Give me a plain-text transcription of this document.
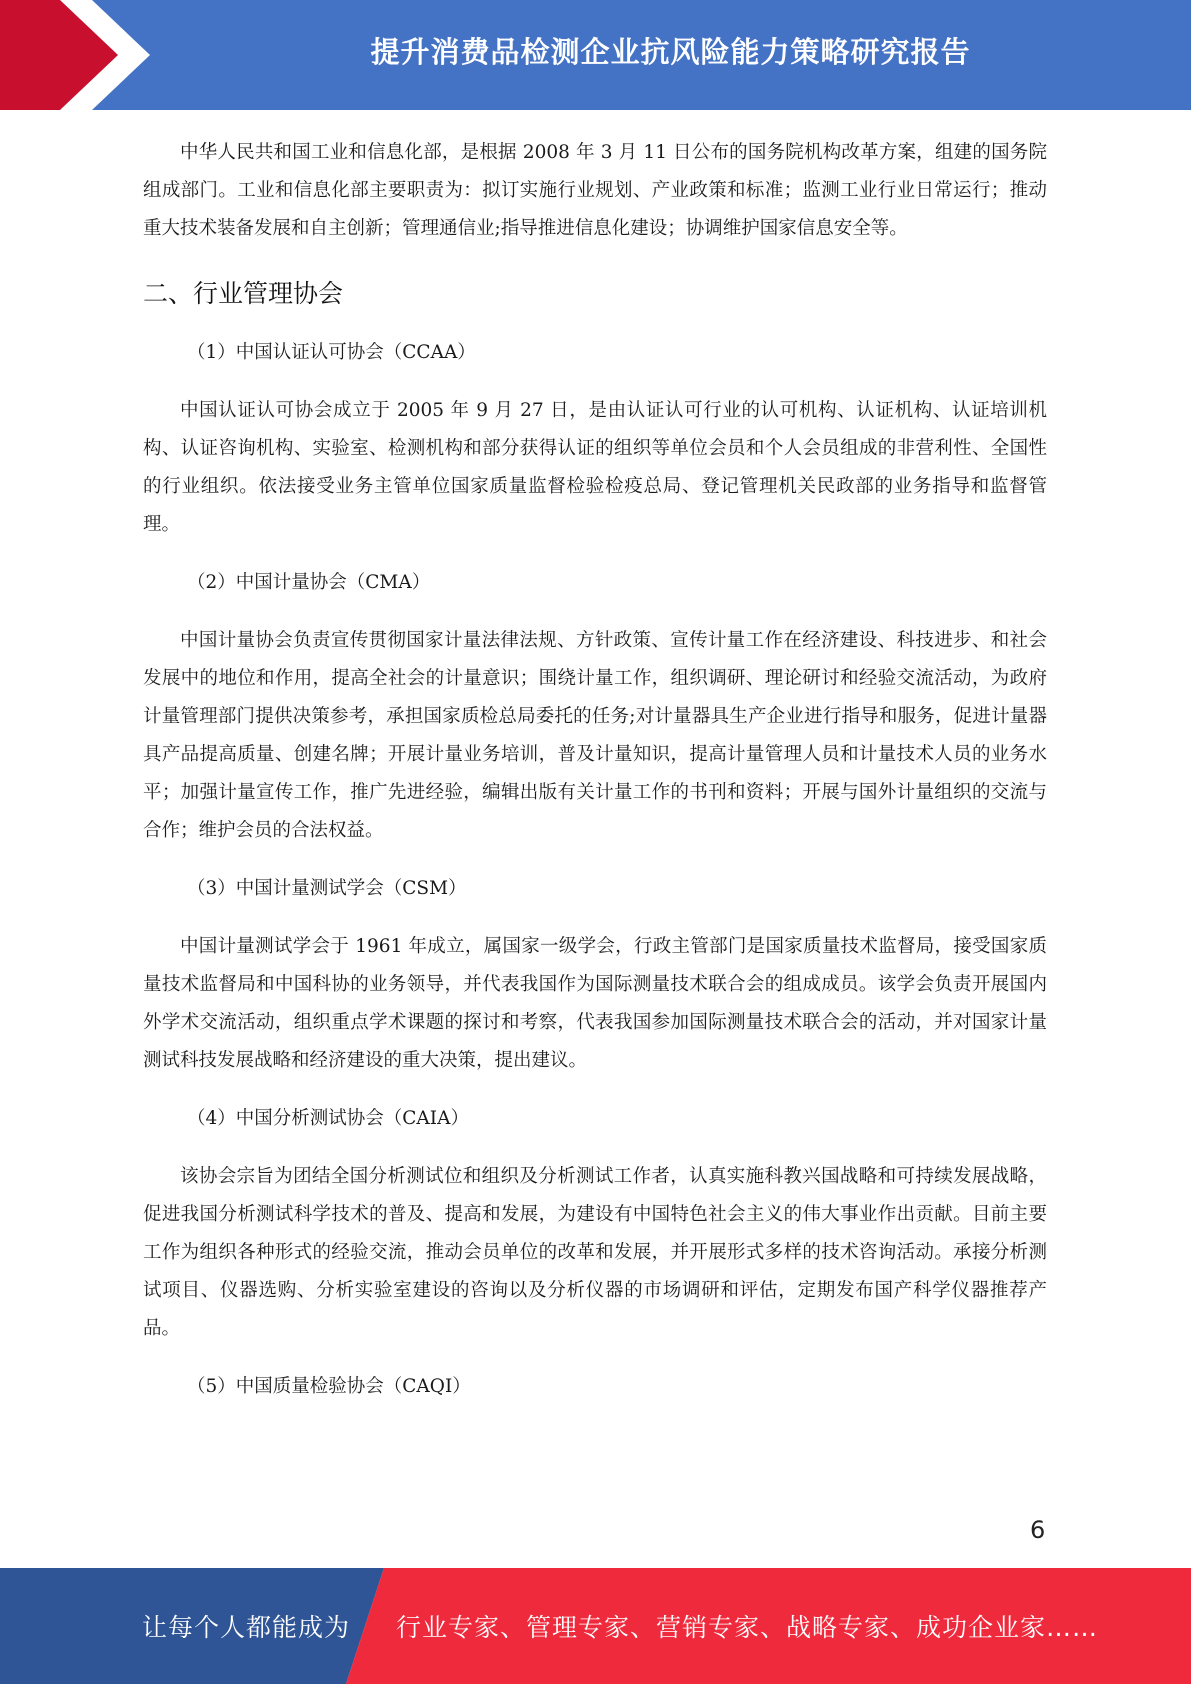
提升消费品检测企业抗风险能力策略研究报告

中华人民共和国工业和信息化部，是根据 2008 年 3 月 11 日公布的国务院机构改革方案，组建的国务院组成部门。工业和信息化部主要职责为：拟订实施行业规划、产业政策和标准；监测工业行业日常运行；推动重大技术装备发展和自主创新；管理通信业;指导推进信息化建设；协调维护国家信息安全等。

二、行业管理协会
（1）中国认证认可协会（CCAA）

中国认证认可协会成立于 2005 年 9 月 27 日，是由认证认可行业的认可机构、认证机构、认证培训机构、认证咨询机构、实验室、检测机构和部分获得认证的组织等单位会员和个人会员组成的非营利性、全国性的行业组织。依法接受业务主管单位国家质量监督检验检疫总局、登记管理机关民政部的业务指导和监督管理。

（2）中国计量协会（CMA）

中国计量协会负责宣传贯彻国家计量法律法规、方针政策、宣传计量工作在经济建设、科技进步、和社会发展中的地位和作用，提高全社会的计量意识；围绕计量工作，组织调研、理论研讨和经验交流活动，为政府计量管理部门提供决策参考，承担国家质检总局委托的任务;对计量器具生产企业进行指导和服务，促进计量器具产品提高质量、创建名牌；开展计量业务培训，普及计量知识，提高计量管理人员和计量技术人员的业务水平；加强计量宣传工作，推广先进经验，编辑出版有关计量工作的书刊和资料；开展与国外计量组织的交流与合作；维护会员的合法权益。

（3）中国计量测试学会（CSM）

中国计量测试学会于 1961 年成立，属国家一级学会，行政主管部门是国家质量技术监督局，接受国家质量技术监督局和中国科协的业务领导，并代表我国作为国际测量技术联合会的组成成员。该学会负责开展国内外学术交流活动，组织重点学术课题的探讨和考察，代表我国参加国际测量技术联合会的活动，并对国家计量测试科技发展战略和经济建设的重大决策，提出建议。

（4）中国分析测试协会（CAIA）

该协会宗旨为团结全国分析测试位和组织及分析测试工作者，认真实施科教兴国战略和可持续发展战略，促进我国分析测试科学技术的普及、提高和发展，为建设有中国特色社会主义的伟大事业作出贡献。目前主要工作为组织各种形式的经验交流，推动会员单位的改革和发展，并开展形式多样的技术咨询活动。承接分析测试项目、仪器选购、分析实验室建设的咨询以及分析仪器的市场调研和评估，定期发布国产科学仪器推荐产品。

（5）中国质量检验协会（CAQI）
6
让每个人都能成为 行业专家、管理专家、营销专家、战略专家、成功企业家……
